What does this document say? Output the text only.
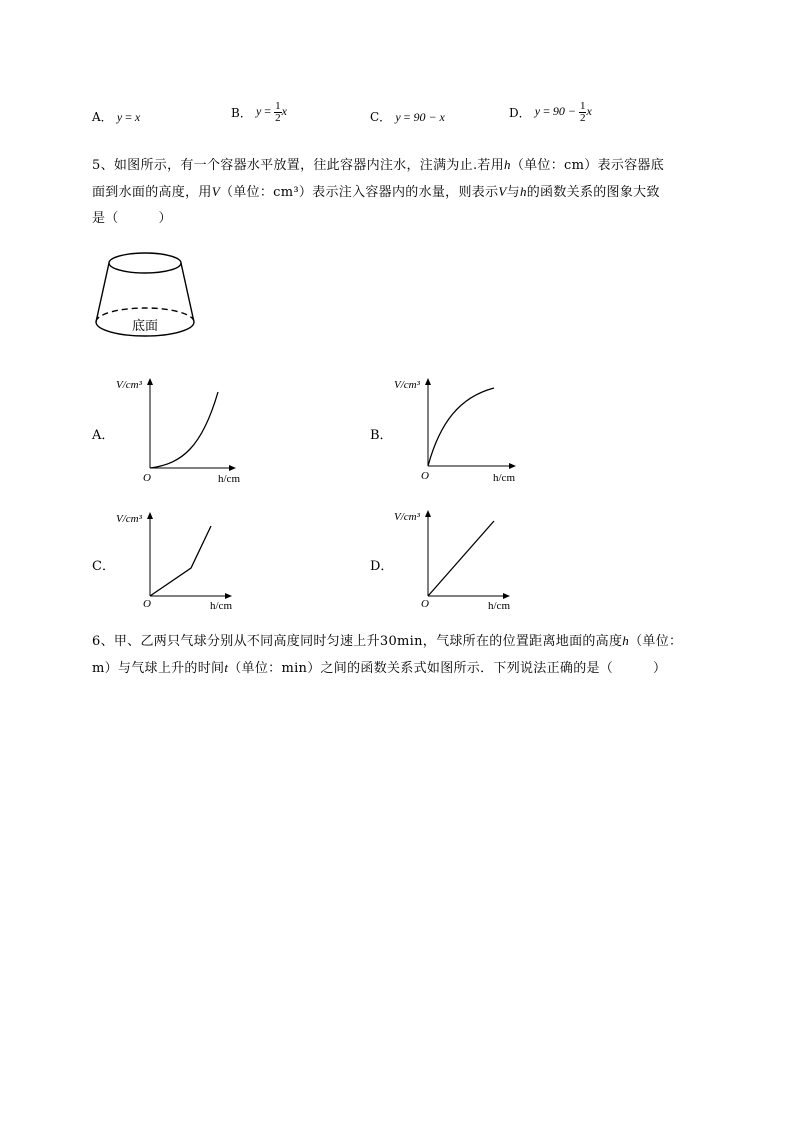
A． y = x	B． $y = \frac{1}{2}$ x	C． y = 90 − x	D． $y = 90 - \frac{1}{2}$ x
5、如图所示，有一个容器水平放置，往此容器内注水，注满为止.若用h（单位：cm）表示容器底
面到水面的高度，用V（单位：cm³）表示注入容器内的水量，则表示V与h的函数关系的图象大致
是（　　　）
底面
A．
V/cm³
h/cm
O
B．
V/cm³
h/cm
O
C．
V/cm³
h/cm
O
D．
V/cm³
h/cm
O
6、甲、乙两只气球分别从不同高度同时匀速上升30min，气球所在的位置距离地面的高度h（单位：
m）与气球上升的时间t（单位：min）之间的函数关系式如图所示．下列说法正确的是（　　　）
